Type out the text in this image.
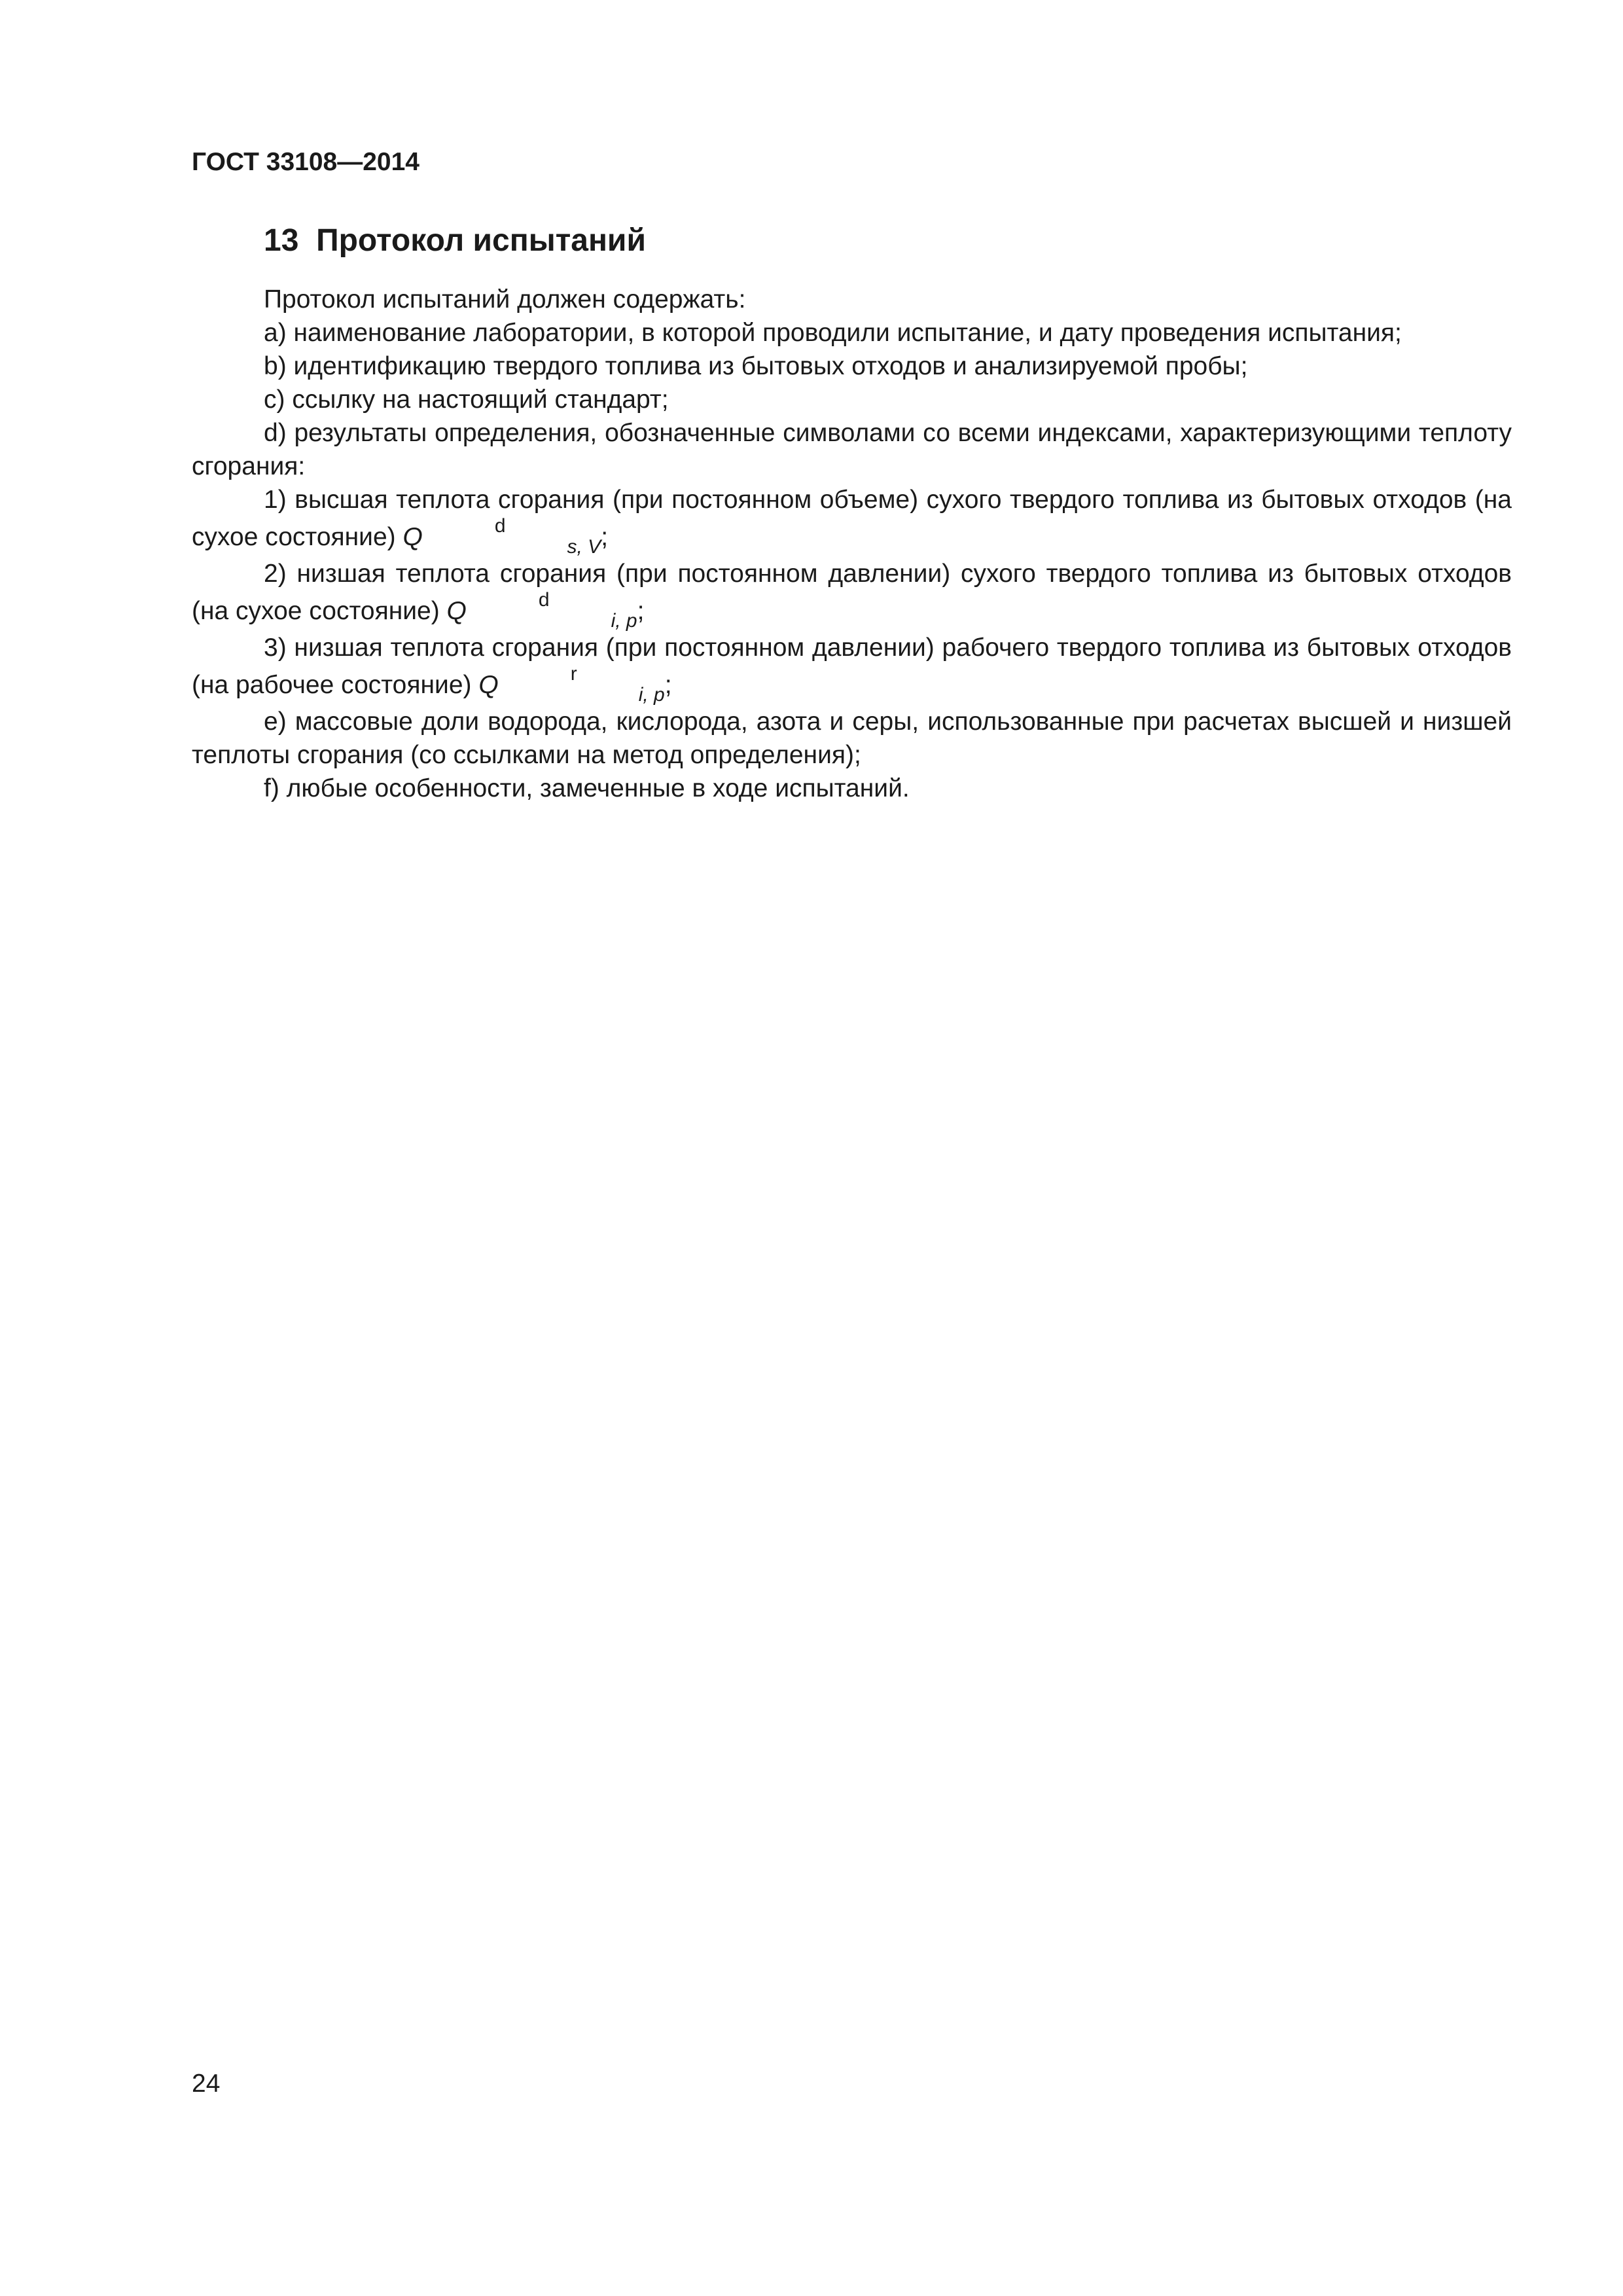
ГОСТ 33108—2014
13  Протокол испытаний

Протокол испытаний должен содержать:

a) наименование лаборатории, в которой проводили испытание, и дату проведения испытания;

b) идентификацию твердого топлива из бытовых отходов и анализируемой пробы;

c) ссылку на настоящий стандарт;

d) результаты определения, обозначенные символами со всеми индексами, характеризующими теплоту сгорания:

1) высшая теплота сгорания (при постоянном объеме) сухого твердого топлива из бытовых отходов (на сухое состояние) Q	ds, V;

2) низшая теплота сгорания (при постоянном давлении) сухого твердого топлива из бытовых отходов (на сухое состояние) Q	di, p;

3) низшая теплота сгорания (при постоянном давлении) рабочего твердого топлива из бытовых отходов (на рабочее состояние) Q	ri, p;

e) массовые доли водорода, кислорода, азота и серы, использованные при расчетах высшей и низшей теплоты сгорания (со ссылками на метод определения);

f) любые особенности, замеченные в ходе испытаний.

24
